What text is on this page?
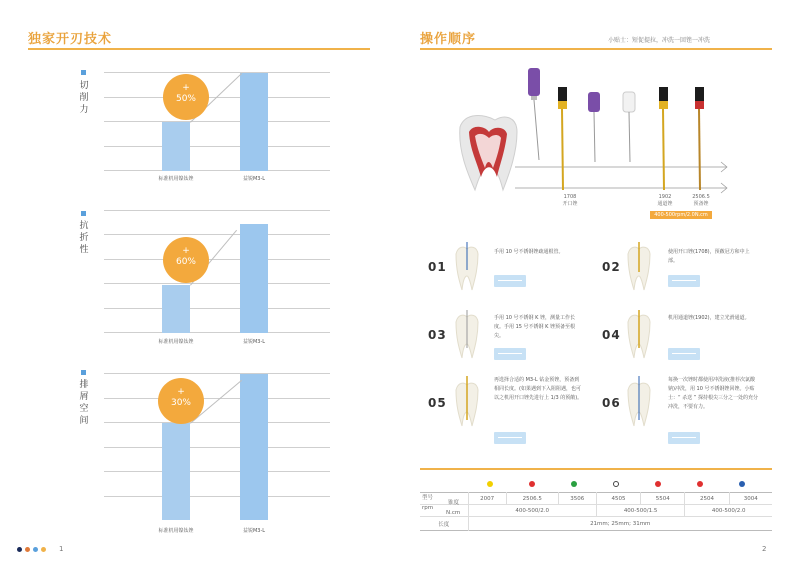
独家开刃技术
切
削
力
+
50%
标准机用镍钛锉	益锐M3-L
抗
折
性	+
60%
标准机用镍钛锉	益锐M3-L
排
屑
空
间
+
30%
标准机用镍钛锉	益锐M3-L
1
操作顺序	小贴士：短促提拉，冲洗一回锉一冲洗
1708
开口锉
1902
通道锉
2506.5
预备锉
400-500rpm/2.0N.cm
01
手用 10 号不锈钢锉疏通根管。
02
使用开口锉(1708)，预敞冠方和中上部。
03
手用 10 号不锈钢 K 锉，测量工作长度。手用 15 号不锈钢 K 锉预备至根尖。	04
机用通道锉(1902)，建立光滑通道。
05
再选择合适的 M3-L 钻金预锉，预备到相同长度。(如果遇到下入阻阻遇，也可以之机用开口锉先进行上 1/3 的预敞)。 06
每换一次锉时都使用冲洗液(推荐次氯酸钠)冲洗，用 10 号不锈钢锉回锉。小贴士：“ 杀送 ” 探持根尖三分之一处的充分冲洗，不要有力。
型号
锥度	2007	2506.5	3506	4505	5504	2504	3004

rpm
N.cm	400-500/2.0			400-500/1.5		400-500/2.0	
长度	21mm; 25mm; 31mm						
2
